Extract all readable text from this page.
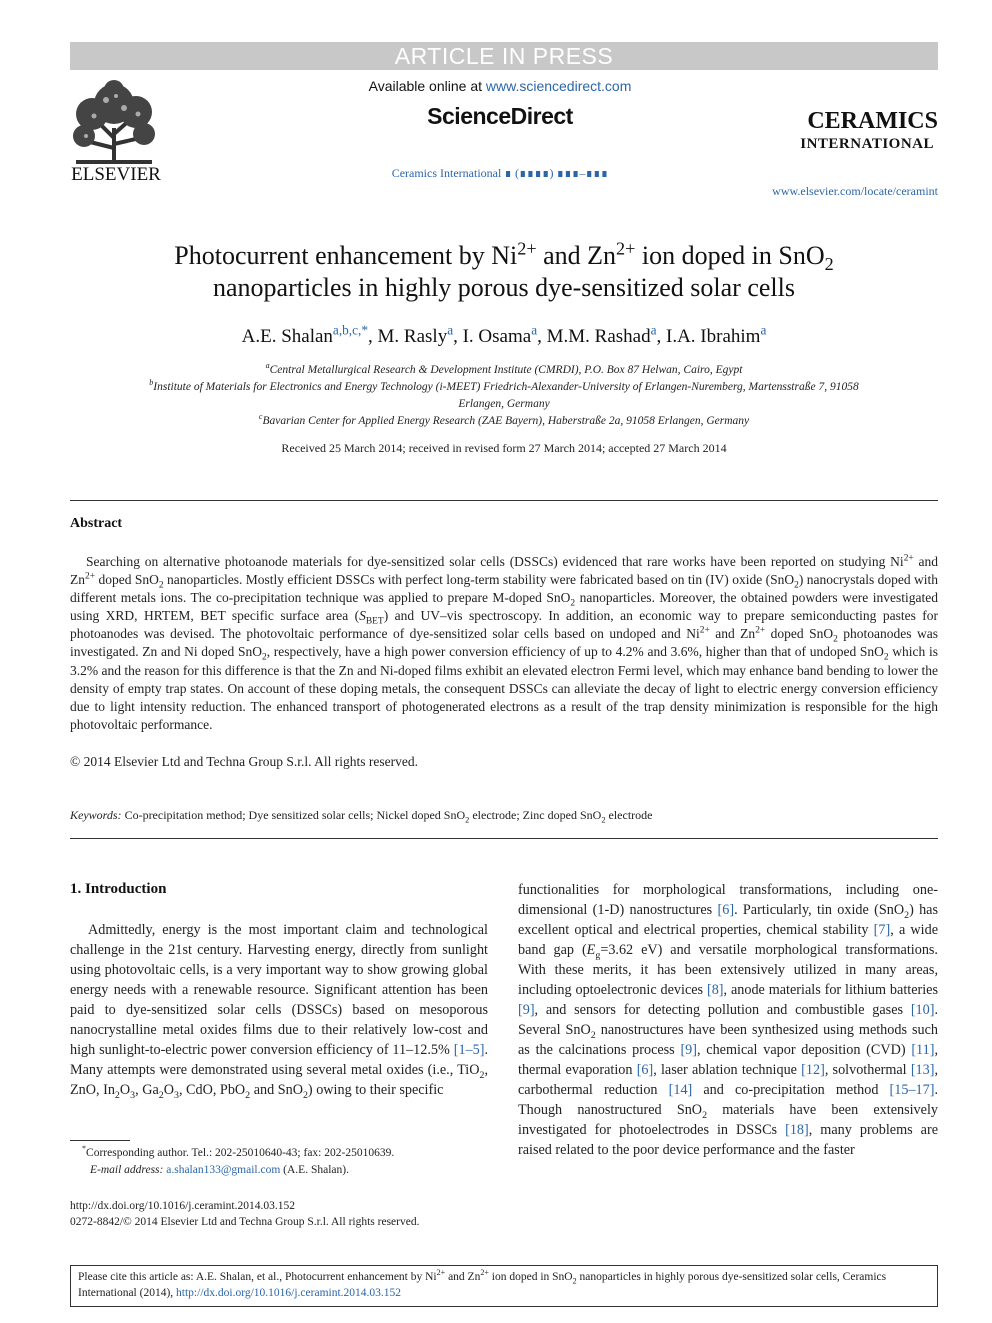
ARTICLE IN PRESS
ELSEVIER
Available online at www.sciencedirect.com
ScienceDirect
Ceramics International ∎ (∎∎∎∎) ∎∎∎–∎∎∎
CERAMICS
INTERNATIONAL
www.elsevier.com/locate/ceramint
Photocurrent enhancement by $Ni^{2+}$ and $Zn^{2+}$ ion doped in SnO$_2$
nanoparticles in highly porous dye-sensitized solar cells
A.E. Shalan$^{a,b,c,*}$, M. Rasly$^a$, I. Osama$^a$, M.M. Rashad$^a$, I.A. Ibrahim$^a$
$^a$Central Metallurgical Research & Development Institute (CMRDI), P.O. Box 87 Helwan, Cairo, Egypt
$^b$Institute of Materials for Electronics and Energy Technology (i-MEET) Friedrich-Alexander-University of Erlangen-Nuremberg, Martensstraße 7, 91058
Erlangen, Germany
$^c$Bavarian Center for Applied Energy Research (ZAE Bayern), Haberstraße 2a, 91058 Erlangen, Germany
Received 25 March 2014; received in revised form 27 March 2014; accepted 27 March 2014
Abstract

Searching on alternative photoanode materials for dye-sensitized solar cells (DSSCs) evidenced that rare works have been reported on studying $Ni^{2+}$ and $Zn^{2+}$ doped SnO$_2$ nanoparticles. Mostly efficient DSSCs with perfect long-term stability were fabricated based on tin (IV) oxide (SnO$_2$) nanocrystals doped with different metals ions. The co-precipitation technique was applied to prepare M-doped SnO$_2$ nanoparticles. Moreover, the obtained powders were investigated using XRD, HRTEM, BET specific surface area $(S_{BET})$ and UV–vis spectroscopy. In addition, an economic way to prepare semiconducting pastes for photoanodes was devised. The photovoltaic performance of dye-sensitized solar cells based on undoped and $Ni^{2+}$ and $Zn^{2+}$ doped SnO$_2$ photoanodes was investigated. Zn and Ni doped SnO$_2$, respectively, have a high power conversion efficiency of up to 4.2% and 3.6%, higher than that of undoped SnO$_2$ which is 3.2% and the reason for this difference is that the Zn and Ni-doped films exhibit an elevated electron Fermi level, which may enhance band bending to lower the density of empty trap states. On account of these doping metals, the consequent DSSCs can alleviate the decay of light to electric energy conversion efficiency due to light intensity reduction. The enhanced transport of photogenerated electrons as a result of the trap density minimization is responsible for the high photovoltaic performance.

© 2014 Elsevier Ltd and Techna Group S.r.l. All rights reserved.
Keywords: Co-precipitation method; Dye sensitized solar cells; Nickel doped SnO$_2$ electrode; Zinc doped SnO$_2$ electrode
1. Introduction

Admittedly, energy is the most important claim and technological challenge in the 21st century. Harvesting energy, directly from sunlight using photovoltaic cells, is a very important way to show growing global energy needs with a renewable resource. Significant attention has been paid to dye-sensitized solar cells (DSSCs) based on mesoporous nanocrystalline metal oxides films due to their relatively low-cost and high sunlight-to-electric power conversion efficiency of 11–12.5% [1–5]. Many attempts were demonstrated using several metal oxides (i.e., TiO$_2$, ZnO, $In_2O_3$, $Ga_2O_3$, CdO, PbO$_2$ and SnO$_2$) owing to their specific

functionalities for morphological transformations, including one-dimensional (1-D) nanostructures [6]. Particularly, tin oxide (SnO$_2$) has excellent optical and electrical properties, chemical stability [7], a wide band gap ($E_g=3.62$ eV) and versatile morphological transformations. With these merits, it has been extensively utilized in many areas, including optoelectronic devices [8], anode materials for lithium batteries [9], and sensors for detecting pollution and combustible gases [10]. Several SnO$_2$ nanostructures have been synthesized using methods such as the calcinations process [9], chemical vapor deposition (CVD) [11], thermal evaporation [6], laser ablation technique [12], solvothermal [13], carbothermal reduction [14] and co-precipitation method [15–17]. Though nanostructured SnO$_2$ materials have been extensively investigated for photoelectrodes in DSSCs [18], many problems are raised related to the poor device performance and the faster
*Corresponding author. Tel.: 202-25010640-43; fax: 202-25010639.
E-mail address: a.shalan133@gmail.com (A.E. Shalan).
http://dx.doi.org/10.1016/j.ceramint.2014.03.152
0272-8842/© 2014 Elsevier Ltd and Techna Group S.r.l. All rights reserved.
Please cite this article as: A.E. Shalan, et al., Photocurrent enhancement by $Ni^{2+}$ and $Zn^{2+}$ ion doped in SnO$_2$ nanoparticles in highly porous dye-sensitized solar cells, Ceramics International (2014), http://dx.doi.org/10.1016/j.ceramint.2014.03.152
